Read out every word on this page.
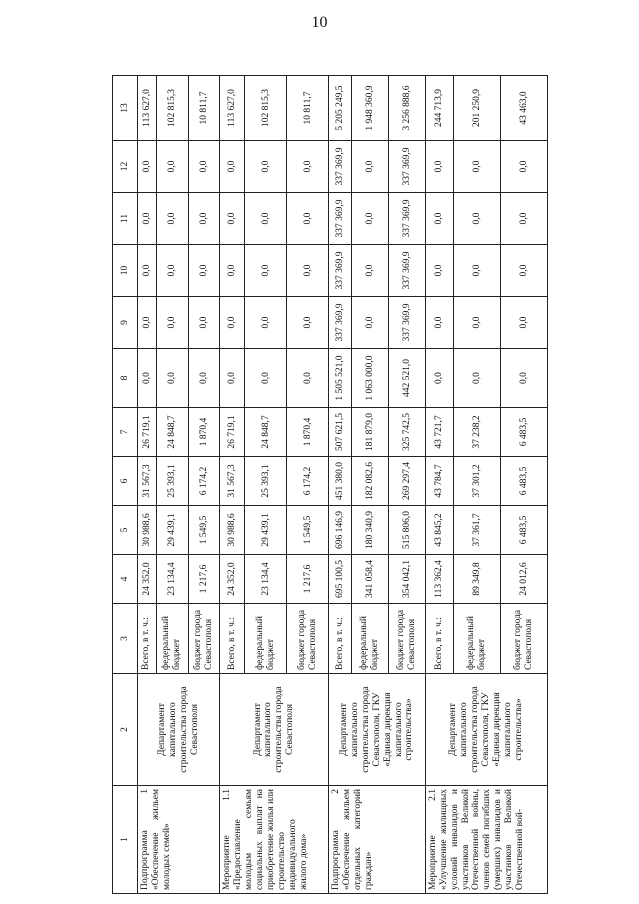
10
1	2	3	4	5	6	7	8	9	10	11	12	13
Подпрограмма 1 «Обеспечение жильем молодых семей»	Департамент капитального строительства города Севастополя	Всего, в т. ч.:	24 352,0	30 988,6	31 567,3	26 719,1	0,0	0,0	0,0	0,0	0,0	113 627,0
		федеральный бюджет	23 134,4	29 439,1	25 393,1	24 848,7	0,0	0,0	0,0	0,0	0,0	102 815,3
		бюджет города Севастополя	1 217,6	1 549,5	6 174,2	1 870,4	0,0	0,0	0,0	0,0	0,0	10 811,7
Мероприятие 1.1 «Предоставление молодым семьям социальных выплат на приобретение жилья или строительство индивидуального жилого дома»	Департамент капитального строительства города Севастополя	Всего, в т. ч.:	24 352,0	30 988,6	31 567,3	26 719,1	0,0	0,0	0,0	0,0	0,0	113 627,0
		федеральный бюджет	23 134,4	29 439,1	25 393,1	24 848,7	0,0	0,0	0,0	0,0	0,0	102 815,3
		бюджет города Севастополя	1 217,6	1 549,5	6 174,2	1 870,4	0,0	0,0	0,0	0,0	0,0	10 811,7
Подпрограмма 2 «Обеспечение жильем отдельных категорий граждан»	Департамент капитального строительства города Севастополя, ГКУ «Единая дирекция капитального строительства»	Всего, в т. ч.:	695 100,5	696 146,9	451 380,0	507 621,5	1 505 521,0	337 369,9	337 369,9	337 369,9	337 369,9	5 205 249,5
		федеральный бюджет	341 058,4	180 340,9	182 082,6	181 879,0	1 063 000,0	0,0	0,0	0,0	0,0	1 948 360,9
		бюджет города Севастополя	354 042,1	515 806,0	269 297,4	325 742,5	442 521,0	337 369,9	337 369,9	337 369,9	337 369,9	3 256 888,6
Мероприятие 2.1 «Улучшение жилищных условий инвалидов и участников Великой Отечественной войны, членов семей погибших (умерших) инвалидов и участников Великой Отечественной вой-	Департамент капитального строительства города Севастополя, ГКУ «Единая дирекция капитального строительства»	Всего, в т. ч.:	113 362,4	43 845,2	43 784,7	43 721,7	0,0	0,0	0,0	0,0	0,0	244 713,9
		федеральный бюджет	89 349,8	37 361,7	37 301,2	37 238,2	0,0	0,0	0,0	0,0	0,0	201 250,9
		бюджет города Севастополя	24 012,6	6 483,5	6 483,5	6 483,5	0,0	0,0	0,0	0,0	0,0	43 463,0
